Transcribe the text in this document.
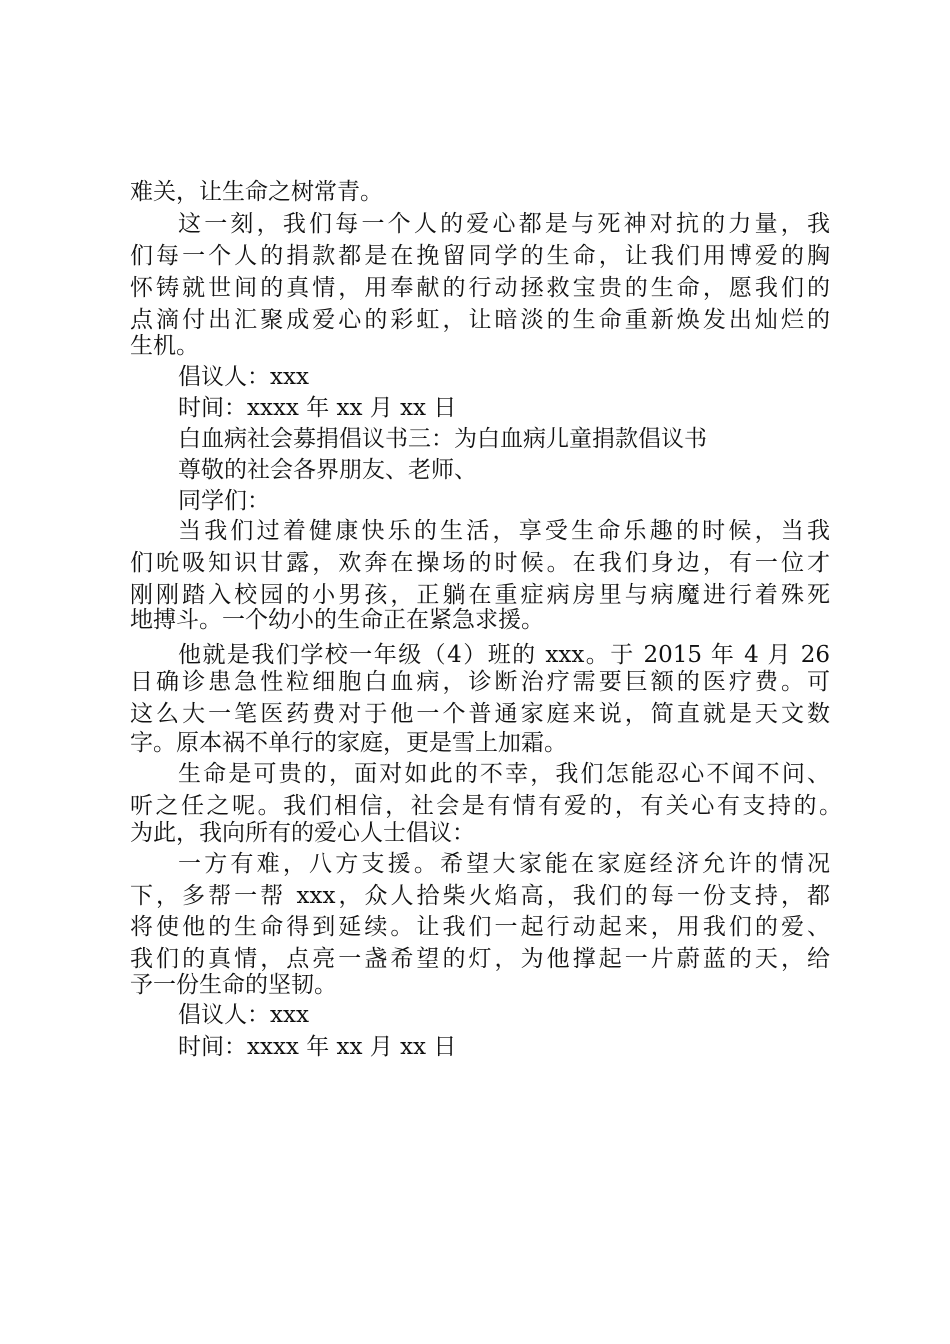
难关，让生命之树常青。
这一刻，我们每一个人的爱心都是与死神对抗的力量，我
们每一个人的捐款都是在挽留同学的生命，让我们用博爱的胸
怀铸就世间的真情，用奉献的行动拯救宝贵的生命，愿我们的
点滴付出汇聚成爱心的彩虹，让暗淡的生命重新焕发出灿烂的
生机。
倡议人：xxx
时间：xxxx 年 xx 月 xx 日
白血病社会募捐倡议书三：为白血病儿童捐款倡议书
尊敬的社会各界朋友、老师、
同学们：
当我们过着健康快乐的生活，享受生命乐趣的时候，当我
们吮吸知识甘露，欢奔在操场的时候。在我们身边，有一位才
刚刚踏入校园的小男孩，正躺在重症病房里与病魔进行着殊死
地搏斗。一个幼小的生命正在紧急求援。
他就是我们学校一年级（4）班的 xxx。于 2015 年 4 月 26
日确诊患急性粒细胞白血病，诊断治疗需要巨额的医疗费。可
这么大一笔医药费对于他一个普通家庭来说，简直就是天文数
字。原本祸不单行的家庭，更是雪上加霜。
生命是可贵的，面对如此的不幸，我们怎能忍心不闻不问、
听之任之呢。我们相信，社会是有情有爱的，有关心有支持的。
为此，我向所有的爱心人士倡议：
一方有难，八方支援。希望大家能在家庭经济允许的情况
下，多帮一帮 xxx，众人拾柴火焰高，我们的每一份支持，都
将使他的生命得到延续。让我们一起行动起来，用我们的爱、
我们的真情，点亮一盏希望的灯，为他撑起一片蔚蓝的天，给
予一份生命的坚韧。
倡议人：xxx
时间：xxxx 年 xx 月 xx 日
